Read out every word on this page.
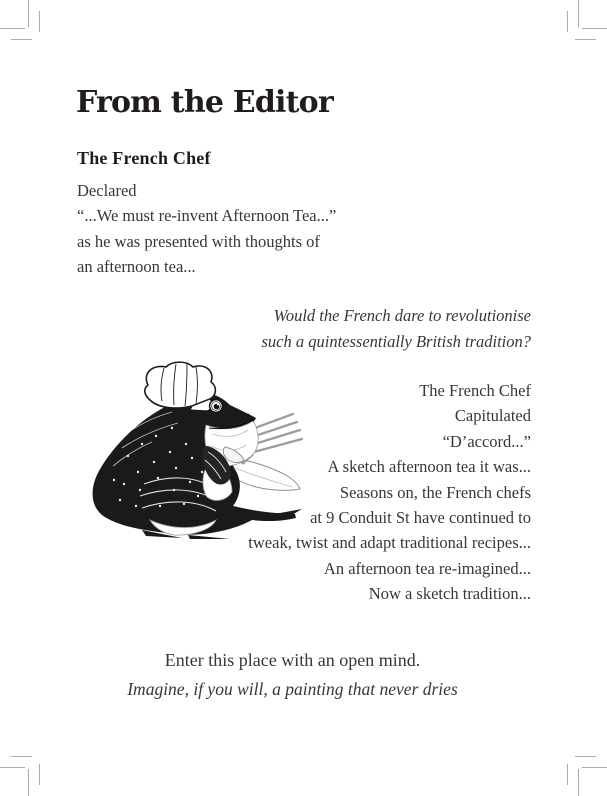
From the Editor
The French Chef

Declared

“...We must re-invent Afternoon Tea...”

as he was presented with thoughts of

an afternoon tea...

Would the French dare to revolutionise

such a quintessentially British tradition?

The French Chef

Capitulated

“D’accord...”

A sketch afternoon tea it was...

Seasons on, the French chefs

at 9 Conduit St have continued to

tweak, twist and adapt traditional recipes...

An afternoon tea re-imagined...

Now a sketch tradition...

Enter this place with an open mind.

Imagine, if you will, a painting that never dries
